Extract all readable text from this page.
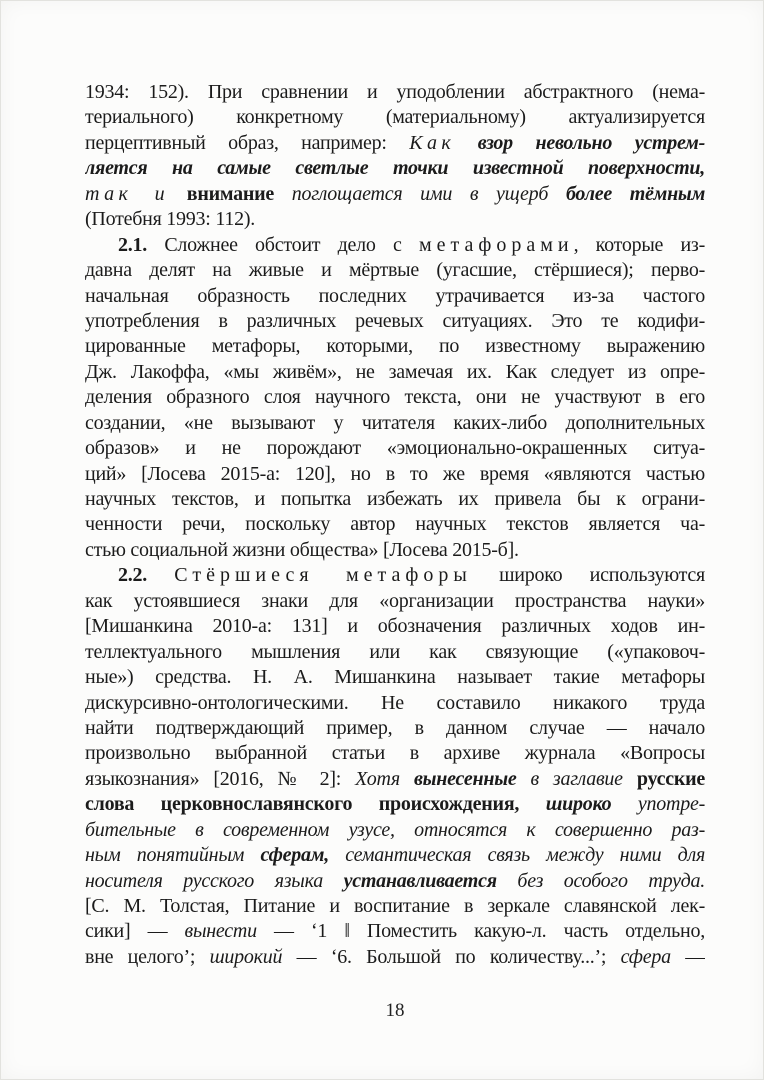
1934: 152). При сравнении и уподоблении абстрактного (нема-
териального) конкретному (материальному) актуализируется
перцептивный образ, например: Как взор невольно устрем-
ляется на самые светлые точки известной поверхности,
так и внимание поглощается ими в ущерб более тёмным
(Потебня 1993: 112).
2.1. Сложнее обстоит дело с метафорами, которые из-
давна делят на живые и мёртвые (угасшие, стёршиеся); перво-
начальная образность последних утрачивается из-за частого
употребления в различных речевых ситуациях. Это те кодифи-
цированные метафоры, которыми, по известному выражению
Дж. Лакоффа, «мы живём», не замечая их. Как следует из опре-
деления образного слоя научного текста, они не участвуют в его
создании, «не вызывают у читателя каких-либо дополнительных
образов» и не порождают «эмоционально-окрашенных ситуа-
ций» [Лосева 2015-а: 120], но в то же время «являются частью
научных текстов, и попытка избежать их привела бы к ограни-
ченности речи, поскольку автор научных текстов является ча-
стью социальной жизни общества» [Лосева 2015-б].
2.2. Стёршиеся метафоры широко используются
как устоявшиеся знаки для «организации пространства науки»
[Мишанкина 2010-а: 131] и обозначения различных ходов ин-
теллектуального мышления или как связующие («упаковоч-
ные») средства. Н. А. Мишанкина называет такие метафоры
дискурсивно-онтологическими. Не составило никакого труда
найти подтверждающий пример, в данном случае — начало
произвольно выбранной статьи в архиве журнала «Вопросы
языкознания» [2016, № 2]: Хотя вынесенные в заглавие русские
слова церковнославянского происхождения, широко употре-
бительные в современном узусе, относятся к совершенно раз-
ным понятийным сферам, семантическая связь между ними для
носителя русского языка устанавливается без особого труда.
[С. М. Толстая, Питание и воспитание в зеркале славянской лек-
сики] — вынести — ‘1 ‖ Поместить какую-л. часть отдельно,
вне целого’; широкий — ‘6. Большой по количеству...’; сфера —
18
